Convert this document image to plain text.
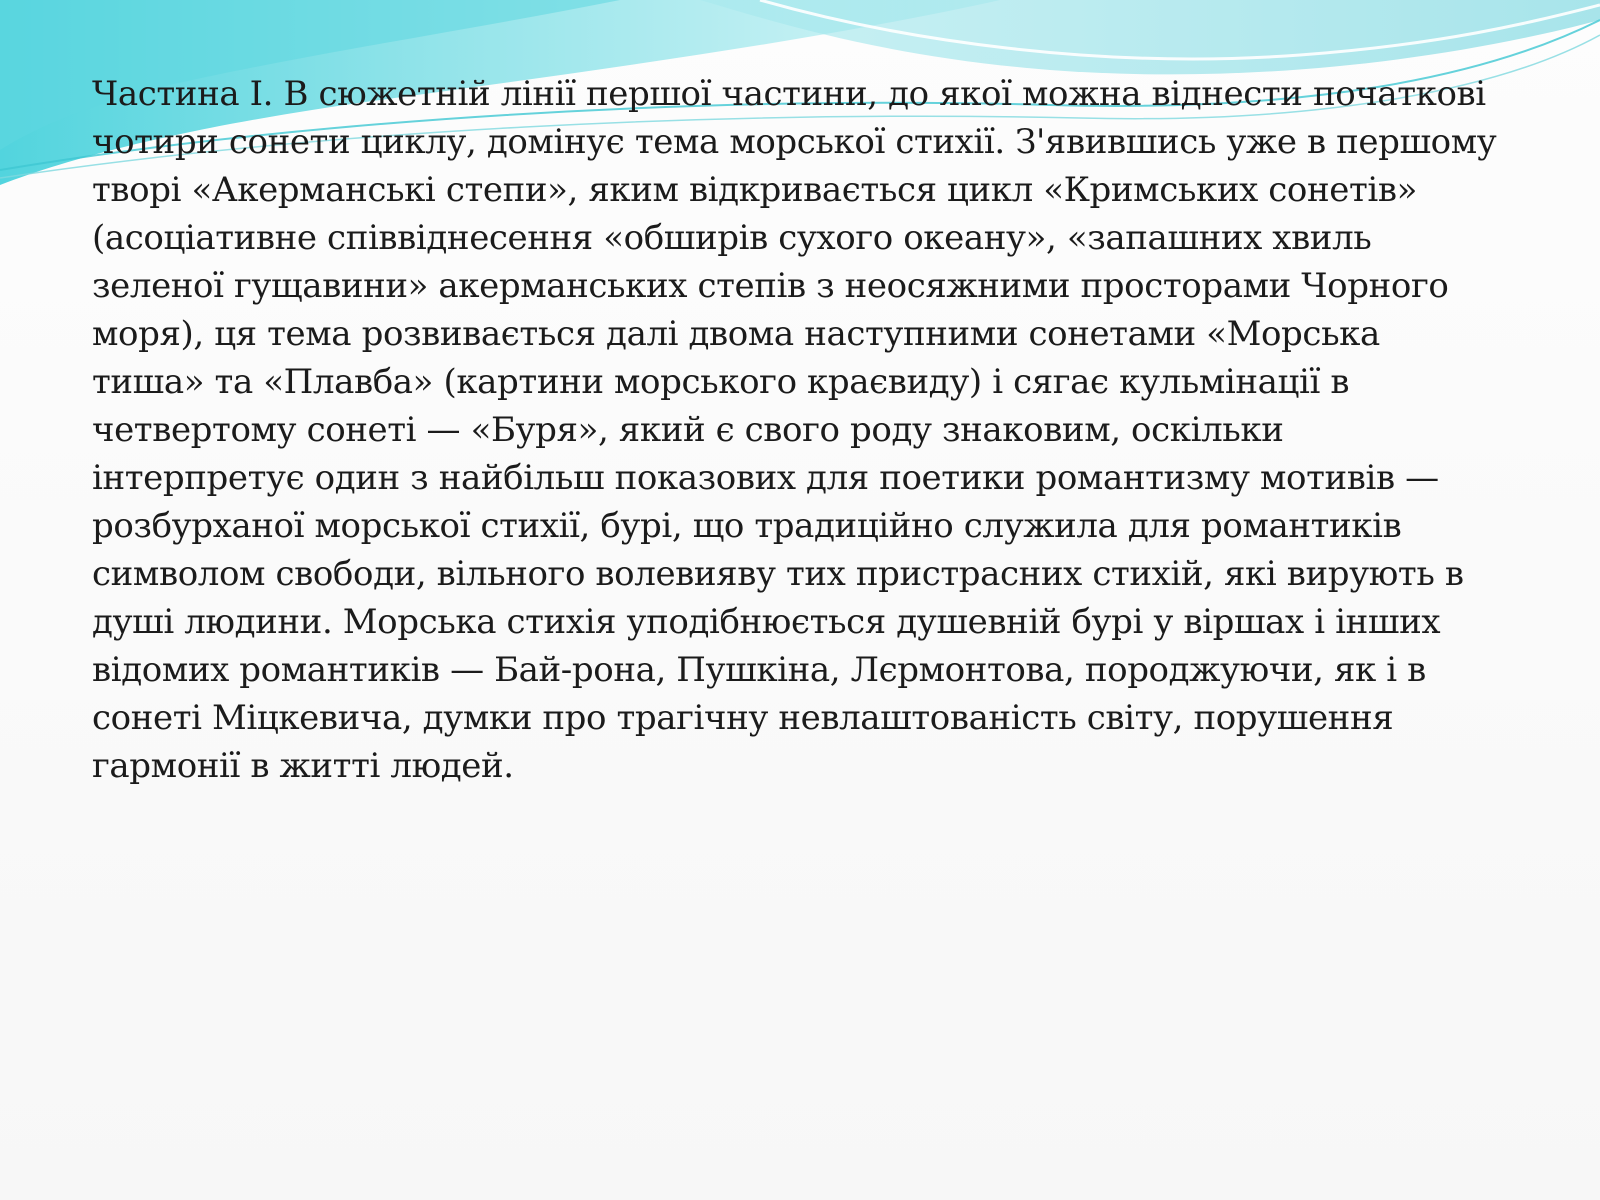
Частина І. В сюжетній лінії першої частини, до якої можна віднести початкові
чотири сонети циклу, домінує тема морської стихії. З'явившись уже в першому
творі «Акерманські степи», яким відкривається цикл «Кримських сонетів»
(асоціативне співвіднесення «обширів сухого океану», «запашних хвиль
зеленої гущавини» акерманських степів з неосяжними просторами Чорного
моря), ця тема розвивається далі двома наступними сонетами «Морська
тиша» та «Плавба» (картини морського краєвиду) і сягає кульмінації в
четвертому сонеті — «Буря», який є свого роду знаковим, оскільки
інтерпретує один з найбільш показових для поетики романтизму мотивів —
розбурханої морської стихії, бурі, що традиційно служила для романтиків
символом свободи, вільного волевияву тих пристрасних стихій, які вирують в
душі людини. Морська стихія уподібнюється душевній бурі у віршах і інших
відомих романтиків — Бай-рона, Пушкіна, Лєрмонтова, породжуючи, як і в
сонеті Міцкевича, думки про трагічну невлаштованість світу, порушення
гармонії в житті людей.
